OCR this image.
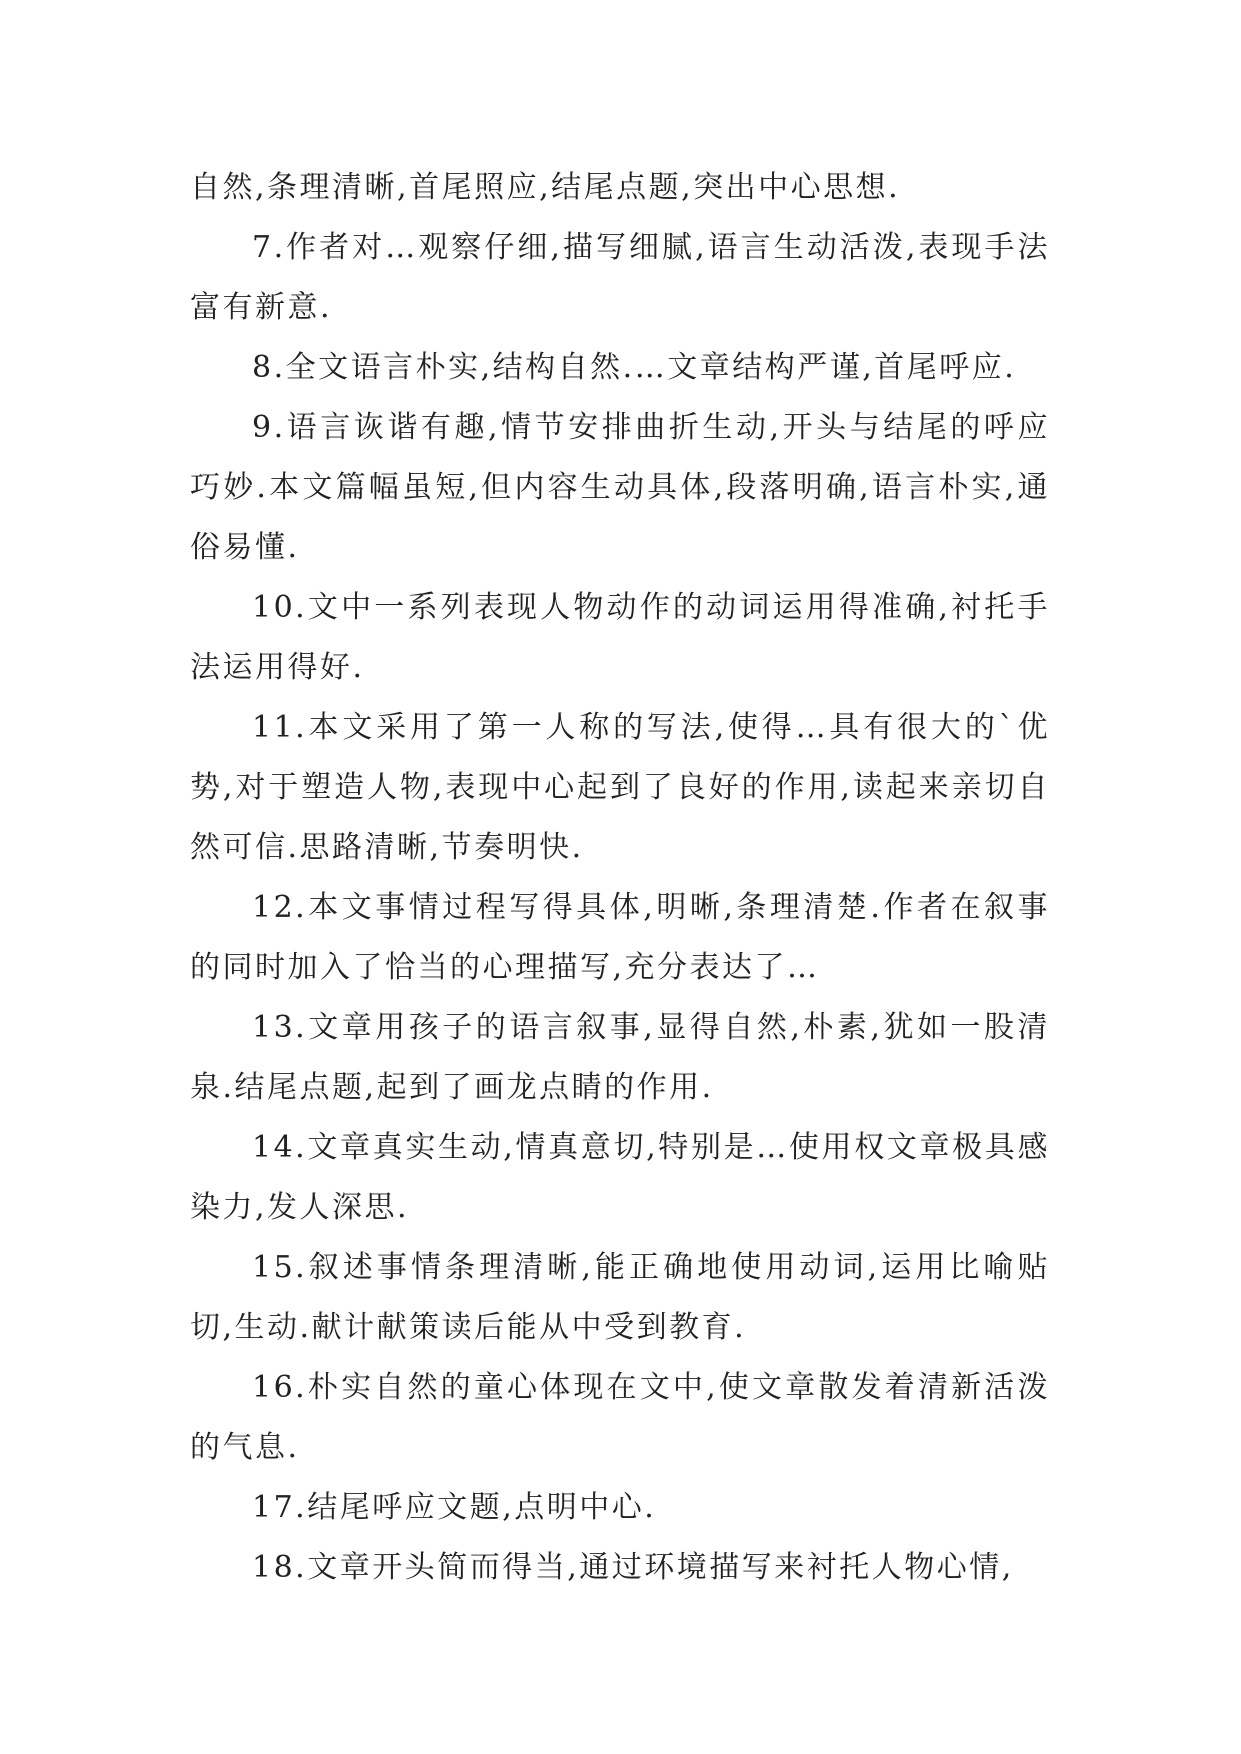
自然,条理清晰,首尾照应,结尾点题,突出中心思想.

7.作者对…观察仔细,描写细腻,语言生动活泼,表现手法富有新意.

8.全文语言朴实,结构自然.…文章结构严谨,首尾呼应.

9.语言诙谐有趣,情节安排曲折生动,开头与结尾的呼应巧妙.本文篇幅虽短,但内容生动具体,段落明确,语言朴实,通俗易懂.

10.文中一系列表现人物动作的动词运用得准确,衬托手法运用得好.

11.本文采用了第一人称的写法,使得…具有很大的`优势,对于塑造人物,表现中心起到了良好的作用,读起来亲切自然可信.思路清晰,节奏明快.

12.本文事情过程写得具体,明晰,条理清楚.作者在叙事的同时加入了恰当的心理描写,充分表达了…

13.文章用孩子的语言叙事,显得自然,朴素,犹如一股清泉.结尾点题,起到了画龙点睛的作用.

14.文章真实生动,情真意切,特别是…使用权文章极具感染力,发人深思.

15.叙述事情条理清晰,能正确地使用动词,运用比喻贴切,生动.献计献策读后能从中受到教育.

16.朴实自然的童心体现在文中,使文章散发着清新活泼的气息.

17.结尾呼应文题,点明中心.

18.文章开头简而得当,通过环境描写来衬托人物心情,
